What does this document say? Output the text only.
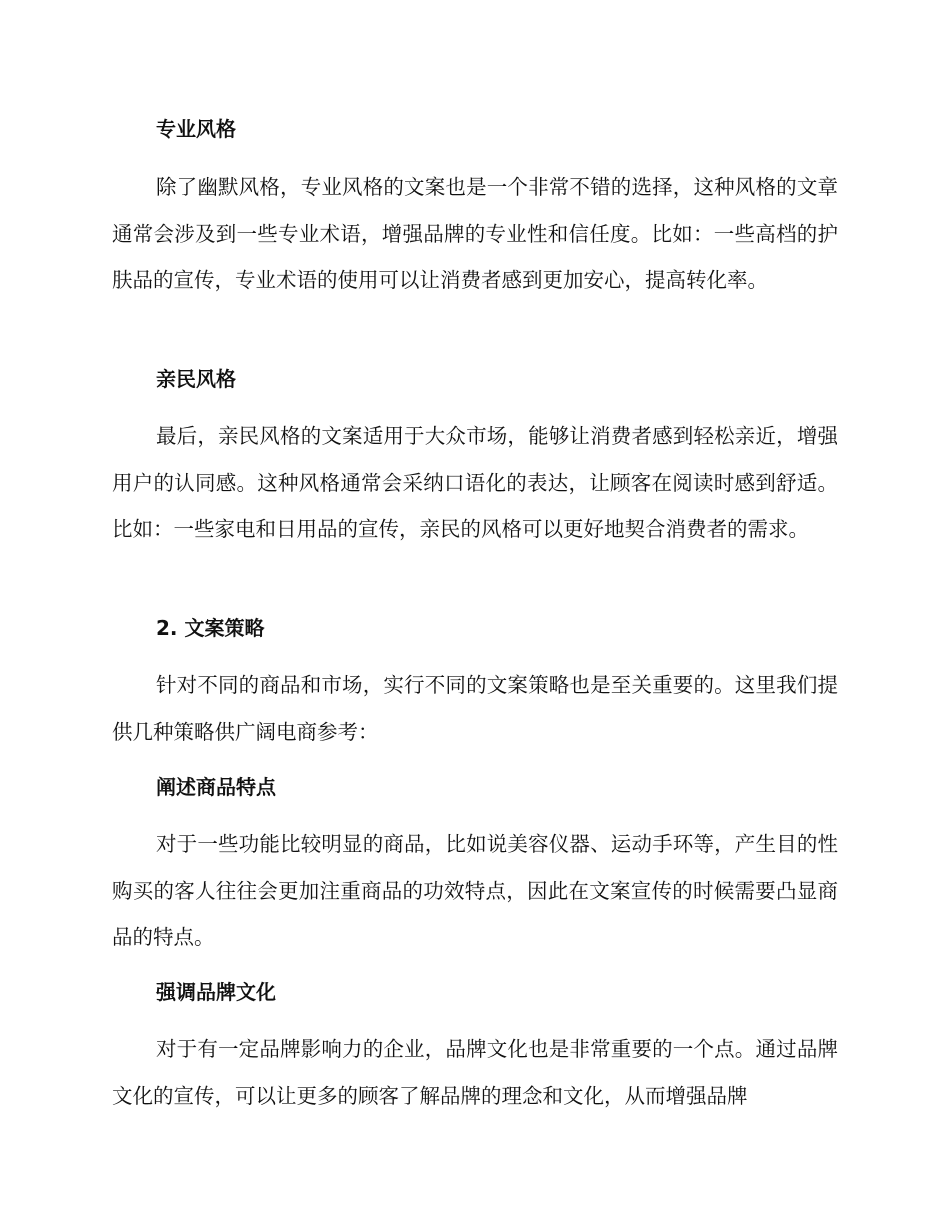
专业风格
除了幽默风格，专业风格的文案也是一个非常不错的选择，这种风格的文章通常会涉及到一些专业术语，增强品牌的专业性和信任度。比如：一些高档的护肤品的宣传，专业术语的使用可以让消费者感到更加安心，提高转化率。
亲民风格
最后，亲民风格的文案适用于大众市场，能够让消费者感到轻松亲近，增强用户的认同感。这种风格通常会采纳口语化的表达，让顾客在阅读时感到舒适。比如：一些家电和日用品的宣传，亲民的风格可以更好地契合消费者的需求。
2. 文案策略
针对不同的商品和市场，实行不同的文案策略也是至关重要的。这里我们提供几种策略供广阔电商参考：
阐述商品特点
对于一些功能比较明显的商品，比如说美容仪器、运动手环等，产生目的性购买的客人往往会更加注重商品的功效特点，因此在文案宣传的时候需要凸显商品的特点。
强调品牌文化
对于有一定品牌影响力的企业，品牌文化也是非常重要的一个点。通过品牌文化的宣传，可以让更多的顾客了解品牌的理念和文化，从而增强品牌
